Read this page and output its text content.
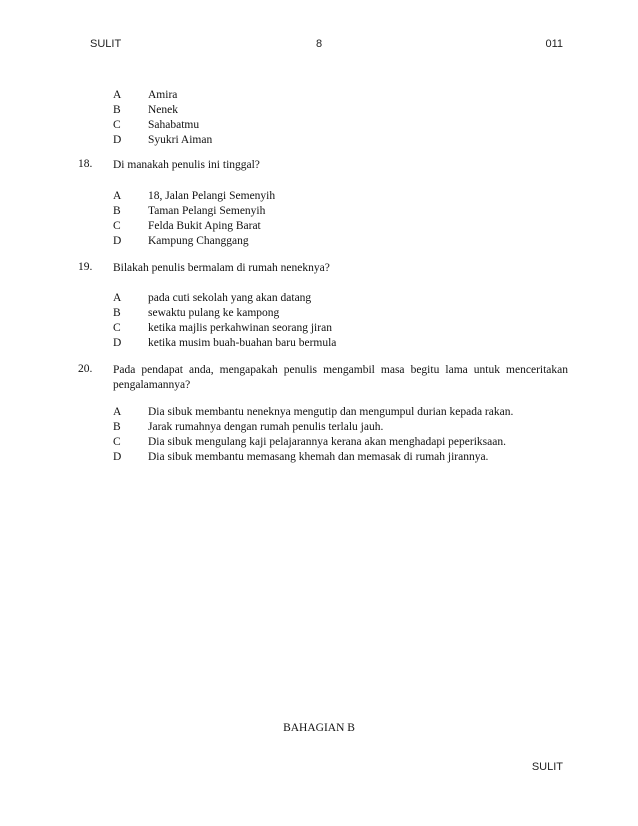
SULIT	8	011
A Amira
B Nenek
C Sahabatmu
D Syukri Aiman
18. Di manakah penulis ini tinggal?
A 18, Jalan Pelangi Semenyih
B Taman Pelangi Semenyih
C Felda Bukit Aping Barat
D Kampung Changgang
19. Bilakah penulis bermalam di rumah neneknya?
A pada cuti sekolah yang akan datang
B sewaktu pulang ke kampong
C ketika majlis perkahwinan seorang jiran
D ketika musim buah-buahan baru bermula
20. Pada pendapat anda, mengapakah penulis mengambil masa begitu lama untuk menceritakan pengalamannya?
A Dia sibuk membantu neneknya mengutip dan mengumpul durian kepada rakan.
B Jarak rumahnya dengan rumah penulis terlalu jauh.
C Dia sibuk mengulang kaji pelajarannya kerana akan menghadapi peperiksaan.
D Dia sibuk membantu memasang khemah dan memasak di rumah jirannya.
BAHAGIAN B
SULIT
